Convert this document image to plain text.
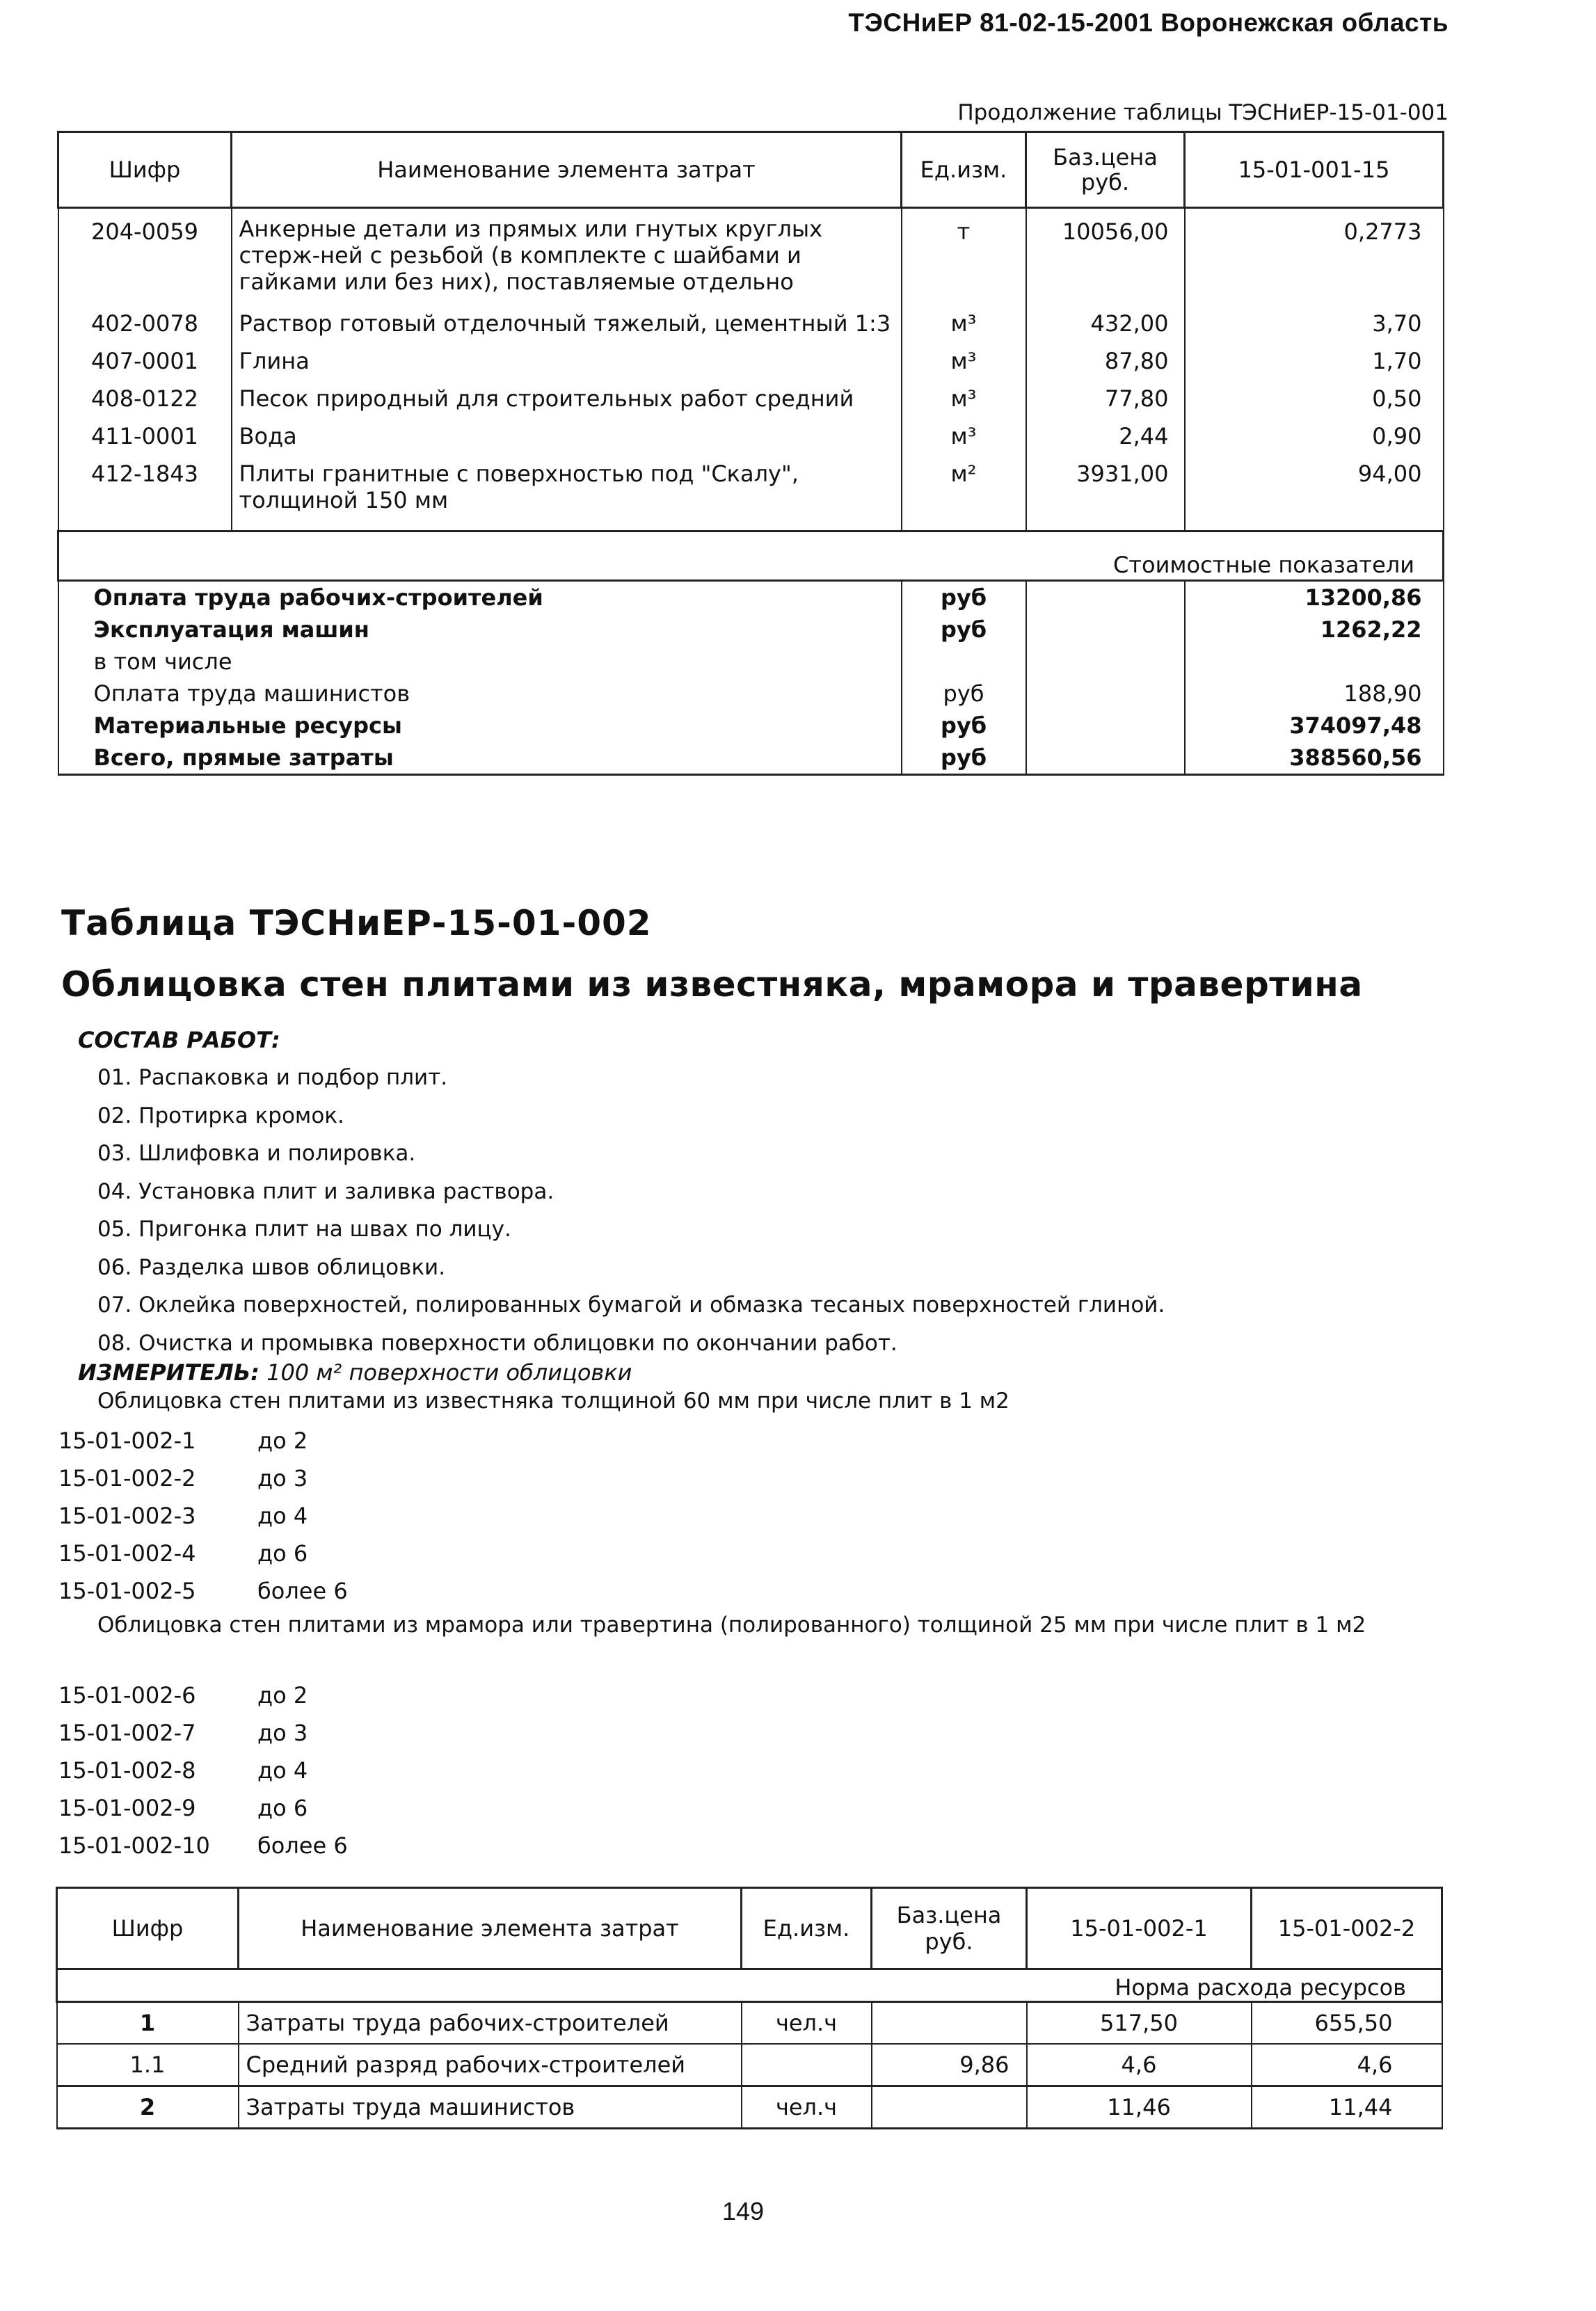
ТЭСНиЕР 81-02-15-2001 Воронежская область
Продолжение таблицы ТЭСНиЕР-15-01-001
Шифр	Наименование элемента затрат	Ед.изм.	Баз.цена руб.	15-01-001-15
204-0059	Анкерные детали из прямых или гнутых круглых стерж-ней с резьбой (в комплекте с шайбами и гайками или без них), поставляемые отдельно	т	10056,00	0,2773
402-0078	Раствор готовый отделочный тяжелый, цементный 1:3	м³	432,00	3,70
407-0001	Глина	м³	87,80	1,70
408-0122	Песок природный для строительных работ средний	м³	77,80	0,50
411-0001	Вода	м³	2,44	0,90
412-1843	Плиты гранитные с поверхностью под "Скалу", толщиной 150 мм	м²	3931,00	94,00
Стоимостные показатели				
Оплата труда рабочих-строителей		руб		13200,86
Эксплуатация машин		руб		1262,22
в том числе				
Оплата труда машинистов		руб		188,90
Материальные ресурсы		руб		374097,48
Всего, прямые затраты		руб		388560,56
Таблица ТЭСНиЕР-15-01-002
Облицовка стен плитами из известняка, мрамора и травертина
СОСТАВ РАБОТ:
01. Распаковка и подбор плит.
02. Протирка кромок.
03. Шлифовка и полировка.
04. Установка плит и заливка раствора.
05. Пригонка плит на швах по лицу.
06. Разделка швов облицовки.
07. Оклейка поверхностей, полированных бумагой и обмазка тесаных поверхностей глиной.
08. Очистка и промывка поверхности облицовки по окончании работ.
ИЗМЕРИТЕЛЬ: 100 м² поверхности облицовки
Облицовка стен плитами из известняка толщиной 60 мм при числе плит в 1 м2
15-01-002-1	до 2
15-01-002-2	до 3
15-01-002-3	до 4
15-01-002-4	до 6
15-01-002-5	более 6
Облицовка стен плитами из мрамора или травертина (полированного) толщиной 25 мм при числе плит в 1 м2
15-01-002-6	до 2
15-01-002-7	до 3
15-01-002-8	до 4
15-01-002-9	до 6
15-01-002-10	более 6
Шифр	Наименование элемента затрат	Ед.изм.	Баз.цена руб.	15-01-002-1	15-01-002-2
Норма расхода ресурсов					
1	Затраты труда рабочих-строителей	чел.ч		517,50	655,50
1.1	Средний разряд рабочих-строителей		9,86	4,6	4,6
2	Затраты труда машинистов	чел.ч		11,46	11,44
149
